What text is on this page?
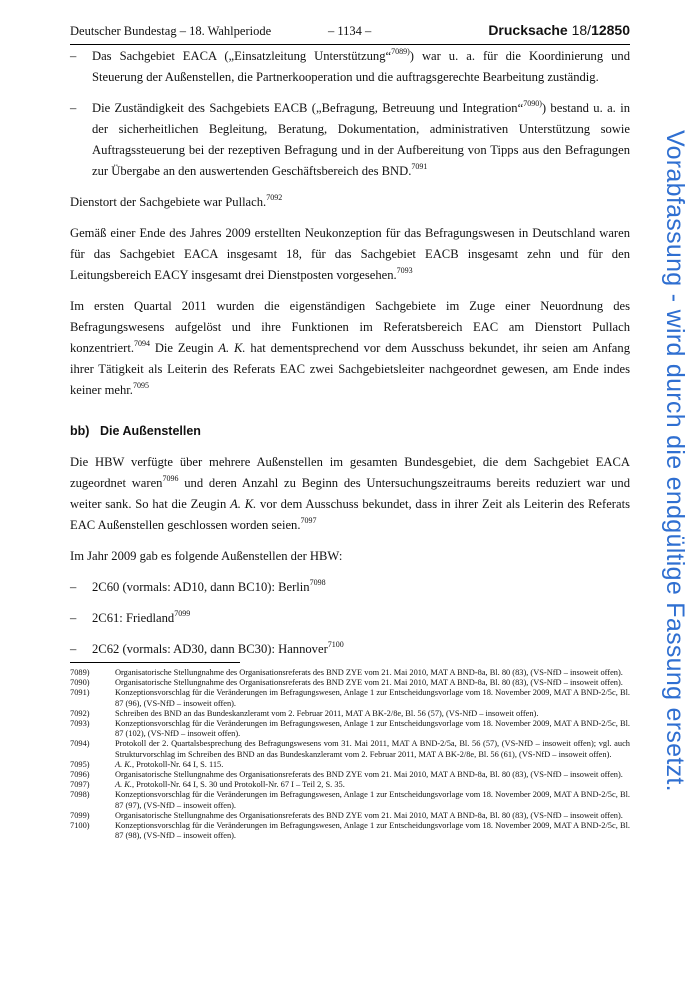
Deutscher Bundestag – 18. Wahlperiode	– 1134 –	Drucksache 18/12850
– Das Sachgebiet EACA („Einsatzleitung Unterstützung“$^{7089)}$) war u. a. für die Koordinierung und Steuerung der Außenstellen, die Partnerkooperation und die auftragsgerechte Bearbeitung zuständig.
– Die Zuständigkeit des Sachgebiets EACB („Befragung, Betreuung und Integration“$^{7090)}$) bestand u. a. in der sicherheitlichen Begleitung, Beratung, Dokumentation, administrativen Unterstützung sowie Auftragssteuerung bei der rezeptiven Befragung und in der Aufbereitung von Tipps aus den Befragungen zur Übergabe an den auswertenden Geschäftsbereich des BND.$^{7091}$

Dienstort der Sachgebiete war Pullach.$^{7092}$

Gemäß einer Ende des Jahres 2009 erstellten Neukonzeption für das Befragungswesen in Deutschland waren für das Sachgebiet EACA insgesamt 18, für das Sachgebiet EACB insgesamt zehn und für den Leitungsbereich EACY insgesamt drei Dienstposten vorgesehen.$^{7093}$

Im ersten Quartal 2011 wurden die eigenständigen Sachgebiete im Zuge einer Neuordnung des Befragungswesens aufgelöst und ihre Funktionen im Referatsbereich EAC am Dienstort Pullach konzentriert.$^{7094}$ Die Zeugin A. K. hat dementsprechend vor dem Ausschuss bekundet, ihr seien am Anfang ihrer Tätigkeit als Leiterin des Referats EAC zwei Sachgebietsleiter nachgeordnet gewesen, am Ende indes keiner mehr.$^{7095}$

bb) Die Außenstellen

Die HBW verfügte über mehrere Außenstellen im gesamten Bundesgebiet, die dem Sachgebiet EACA zugeordnet waren$^{7096}$ und deren Anzahl zu Beginn des Untersuchungszeitraums bereits reduziert war und weiter sank. So hat die Zeugin A. K. vor dem Ausschuss bekundet, dass in ihrer Zeit als Leiterin des Referats EAC Außenstellen geschlossen worden seien.$^{7097}$

Im Jahr 2009 gab es folgende Außenstellen der HBW:

– 2C60 (vormals: AD10, dann BC10): Berlin$^{7098}$
– 2C61: Friedland$^{7099}$
– 2C62 (vormals: AD30, dann BC30): Hannover$^{7100}$
7089)	Organisatorische Stellungnahme des Organisationsreferats des BND ZYE vom 21. Mai 2010, MAT A BND-8a, Bl. 80 (83), (VS-NfD – insoweit offen).
7090)	Organisatorische Stellungnahme des Organisationsreferats des BND ZYE vom 21. Mai 2010, MAT A BND-8a, Bl. 80 (83), (VS-NfD – insoweit offen).
7091)	Konzeptionsvorschlag für die Veränderungen im Befragungswesen, Anlage 1 zur Entscheidungsvorlage vom 18. November 2009, MAT A BND-2/5c, Bl. 87 (96), (VS-NfD – insoweit offen).
7092)	Schreiben des BND an das Bundeskanzleramt vom 2. Februar 2011, MAT A BK-2/8e, Bl. 56 (57), (VS-NfD – insoweit offen).
7093)	Konzeptionsvorschlag für die Veränderungen im Befragungswesen, Anlage 1 zur Entscheidungsvorlage vom 18. November 2009, MAT A BND-2/5c, Bl. 87 (102), (VS-NfD – insoweit offen).
7094)	Protokoll der 2. Quartalsbesprechung des Befragungswesens vom 31. Mai 2011, MAT A BND-2/5a, Bl. 56 (57), (VS-NfD – insoweit offen); vgl. auch Strukturvorschlag im Schreiben des BND an das Bundeskanzleramt vom 2. Februar 2011, MAT A BK-2/8e, Bl. 56 (61), (VS-NfD – insoweit offen).
7095)	A. K., Protokoll-Nr. 64 I, S. 115.
7096)	Organisatorische Stellungnahme des Organisationsreferats des BND ZYE vom 21. Mai 2010, MAT A BND-8a, Bl. 80 (83), (VS-NfD – insoweit offen).
7097)	A. K., Protokoll-Nr. 64 I, S. 30 und Protokoll-Nr. 67 I – Teil 2, S. 35.
7098)	Konzeptionsvorschlag für die Veränderungen im Befragungswesen, Anlage 1 zur Entscheidungsvorlage vom 18. November 2009, MAT A BND-2/5c, Bl. 87 (97), (VS-NfD – insoweit offen).
7099)	Organisatorische Stellungnahme des Organisationsreferats des BND ZYE vom 21. Mai 2010, MAT A BND-8a, Bl. 80 (83), (VS-NfD – insoweit offen).
7100)	Konzeptionsvorschlag für die Veränderungen im Befragungswesen, Anlage 1 zur Entscheidungsvorlage vom 18. November 2009, MAT A BND-2/5c, Bl. 87 (98), (VS-NfD – insoweit offen).
Vorabfassung - wird durch die endgültige Fassung ersetzt.
